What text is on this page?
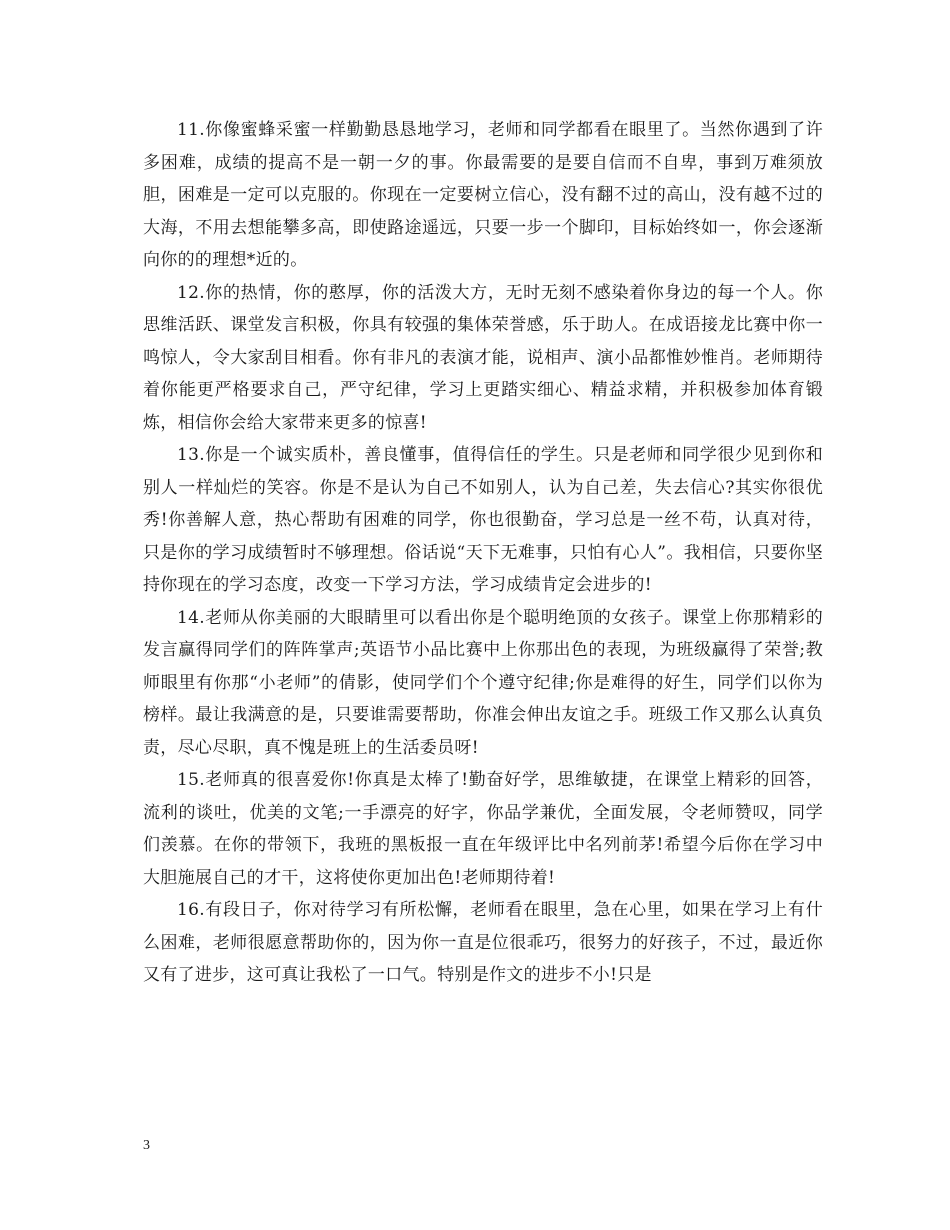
11.你像蜜蜂采蜜一样勤勤恳恳地学习，老师和同学都看在眼里了。当然你遇到了许多困难，成绩的提高不是一朝一夕的事。你最需要的是要自信而不自卑，事到万难须放胆，困难是一定可以克服的。你现在一定要树立信心，没有翻不过的高山，没有越不过的大海，不用去想能攀多高，即使路途遥远，只要一步一个脚印，目标始终如一，你会逐渐向你的的理想*近的。

12.你的热情，你的憨厚，你的活泼大方，无时无刻不感染着你身边的每一个人。你思维活跃、课堂发言积极，你具有较强的集体荣誉感，乐于助人。在成语接龙比赛中你一鸣惊人，令大家刮目相看。你有非凡的表演才能，说相声、演小品都惟妙惟肖。老师期待着你能更严格要求自己，严守纪律，学习上更踏实细心、精益求精，并积极参加体育锻炼，相信你会给大家带来更多的惊喜!

13.你是一个诚实质朴，善良懂事，值得信任的学生。只是老师和同学很少见到你和别人一样灿烂的笑容。你是不是认为自己不如别人，认为自己差，失去信心?其实你很优秀!你善解人意，热心帮助有困难的同学，你也很勤奋，学习总是一丝不苟，认真对待，只是你的学习成绩暂时不够理想。俗话说“天下无难事，只怕有心人”。我相信，只要你坚持你现在的学习态度，改变一下学习方法，学习成绩肯定会进步的!

14.老师从你美丽的大眼睛里可以看出你是个聪明绝顶的女孩子。课堂上你那精彩的发言赢得同学们的阵阵掌声;英语节小品比赛中上你那出色的表现，为班级赢得了荣誉;教师眼里有你那“小老师”的倩影，使同学们个个遵守纪律;你是难得的好生，同学们以你为榜样。最让我满意的是，只要谁需要帮助，你准会伸出友谊之手。班级工作又那么认真负责，尽心尽职，真不愧是班上的生活委员呀!

15.老师真的很喜爱你!你真是太棒了!勤奋好学，思维敏捷，在课堂上精彩的回答，流利的谈吐，优美的文笔;一手漂亮的好字，你品学兼优，全面发展，令老师赞叹，同学们羡慕。在你的带领下，我班的黑板报一直在年级评比中名列前茅!希望今后你在学习中大胆施展自己的才干，这将使你更加出色!老师期待着!

16.有段日子，你对待学习有所松懈，老师看在眼里，急在心里，如果在学习上有什么困难，老师很愿意帮助你的，因为你一直是位很乖巧，很努力的好孩子，不过，最近你又有了进步，这可真让我松了一口气。特别是作文的进步不小!只是

3
